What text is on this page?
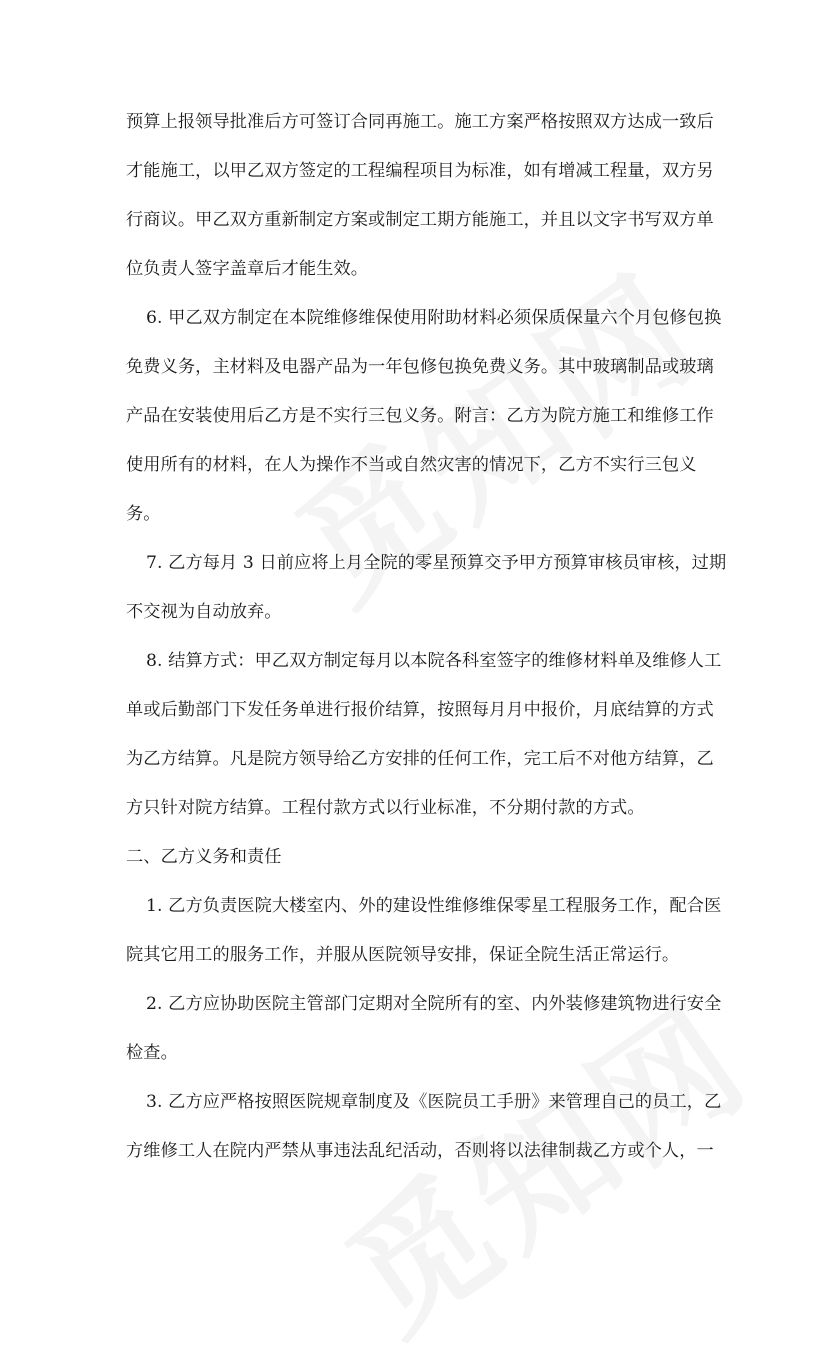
预算上报领导批准后方可签订合同再施工。施工方案严格按照双方达成一致后
才能施工，以甲乙双方签定的工程编程项目为标准，如有增减工程量，双方另
行商议。甲乙双方重新制定方案或制定工期方能施工，并且以文字书写双方单
位负责人签字盖章后才能生效。
6. 甲乙双方制定在本院维修维保使用附助材料必须保质保量六个月包修包换
免费义务，主材料及电器产品为一年包修包换免费义务。其中玻璃制品或玻璃
产品在安装使用后乙方是不实行三包义务。附言：乙方为院方施工和维修工作
使用所有的材料，在人为操作不当或自然灾害的情况下，乙方不实行三包义
务。
7. 乙方每月 3 日前应将上月全院的零星预算交予甲方预算审核员审核，过期
不交视为自动放弃。
8. 结算方式：甲乙双方制定每月以本院各科室签字的维修材料单及维修人工
单或后勤部门下发任务单进行报价结算，按照每月月中报价，月底结算的方式
为乙方结算。凡是院方领导给乙方安排的任何工作，完工后不对他方结算，乙
方只针对院方结算。工程付款方式以行业标准，不分期付款的方式。
二、乙方义务和责任
1. 乙方负责医院大楼室内、外的建设性维修维保零星工程服务工作，配合医
院其它用工的服务工作，并服从医院领导安排，保证全院生活正常运行。
2. 乙方应协助医院主管部门定期对全院所有的室、内外装修建筑物进行安全
检查。
3. 乙方应严格按照医院规章制度及《医院员工手册》来管理自己的员工，乙
方维修工人在院内严禁从事违法乱纪活动，否则将以法律制裁乙方或个人，一
